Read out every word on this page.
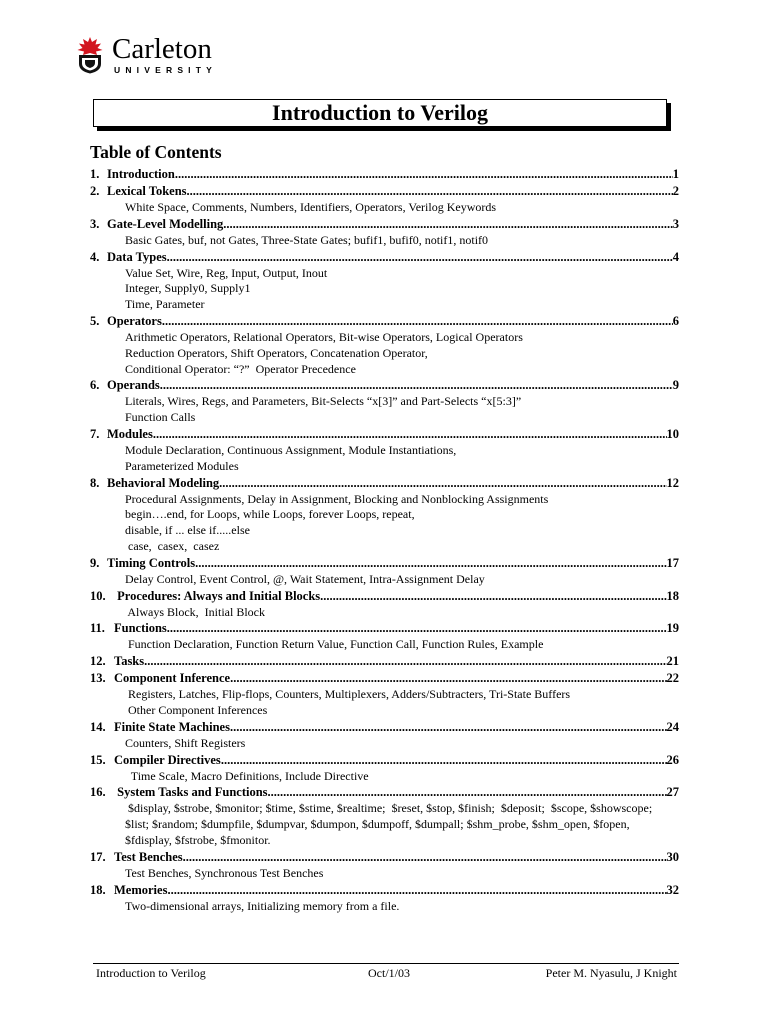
Carleton
UNIVERSITY
Introduction to Verilog
Table of Contents
1. Introduction .....	1
2. Lexical Tokens .....	2
White Space, Comments, Numbers, Identifiers, Operators, Verilog Keywords
3. Gate-Level Modelling .....	3
Basic Gates, buf, not Gates, Three-State Gates; bufif1, bufif0, notif1, notif0
4. Data Types .....	4
Value Set, Wire, Reg, Input, Output, Inout
Integer, Supply0, Supply1
Time, Parameter
5. Operators .....	6
Arithmetic Operators, Relational Operators, Bit-wise Operators, Logical Operators
Reduction Operators, Shift Operators, Concatenation Operator,
Conditional Operator: “?”  Operator Precedence
6. Operands .....	9
Literals, Wires, Regs, and Parameters, Bit-Selects “x[3]” and Part-Selects “x[5:3]”
Function Calls
7. Modules .....	10
Module Declaration, Continuous Assignment, Module Instantiations,
Parameterized Modules
8. Behavioral Modeling .....	12
Procedural Assignments, Delay in Assignment, Blocking and Nonblocking Assignments
begin….end, for Loops, while Loops, forever Loops, repeat,
disable, if ... else if.....else
case,  casex,  casez
9. Timing Controls .....	17
Delay Control, Event Control, @, Wait Statement, Intra-Assignment Delay
10. Procedures: Always and Initial Blocks .....	18
Always Block,  Initial Block
11. Functions .....	19
Function Declaration, Function Return Value, Function Call, Function Rules, Example
12. Tasks .....	21
13. Component Inference .....	22
Registers, Latches, Flip-flops, Counters, Multiplexers, Adders/Subtracters, Tri-State Buffers
Other Component Inferences
14. Finite State Machines .....	24
Counters, Shift Registers
15. Compiler Directives .....	26
Time Scale, Macro Definitions, Include Directive
16. System Tasks and Functions .....	27
$display, $strobe, $monitor; $time, $stime, $realtime;  $reset, $stop, $finish;  $deposit;  $scope, $showscope;
$list; $random; $dumpfile, $dumpvar, $dumpon, $dumpoff, $dumpall; $shm_probe, $shm_open, $fopen,
$fdisplay, $fstrobe, $fmonitor.
17. Test Benches .....	30
Test Benches, Synchronous Test Benches
18. Memories .....	32
Two-dimensional arrays, Initializing memory from a file.
Introduction to Verilog	Oct/1/03	Peter M. Nyasulu, J Knight
